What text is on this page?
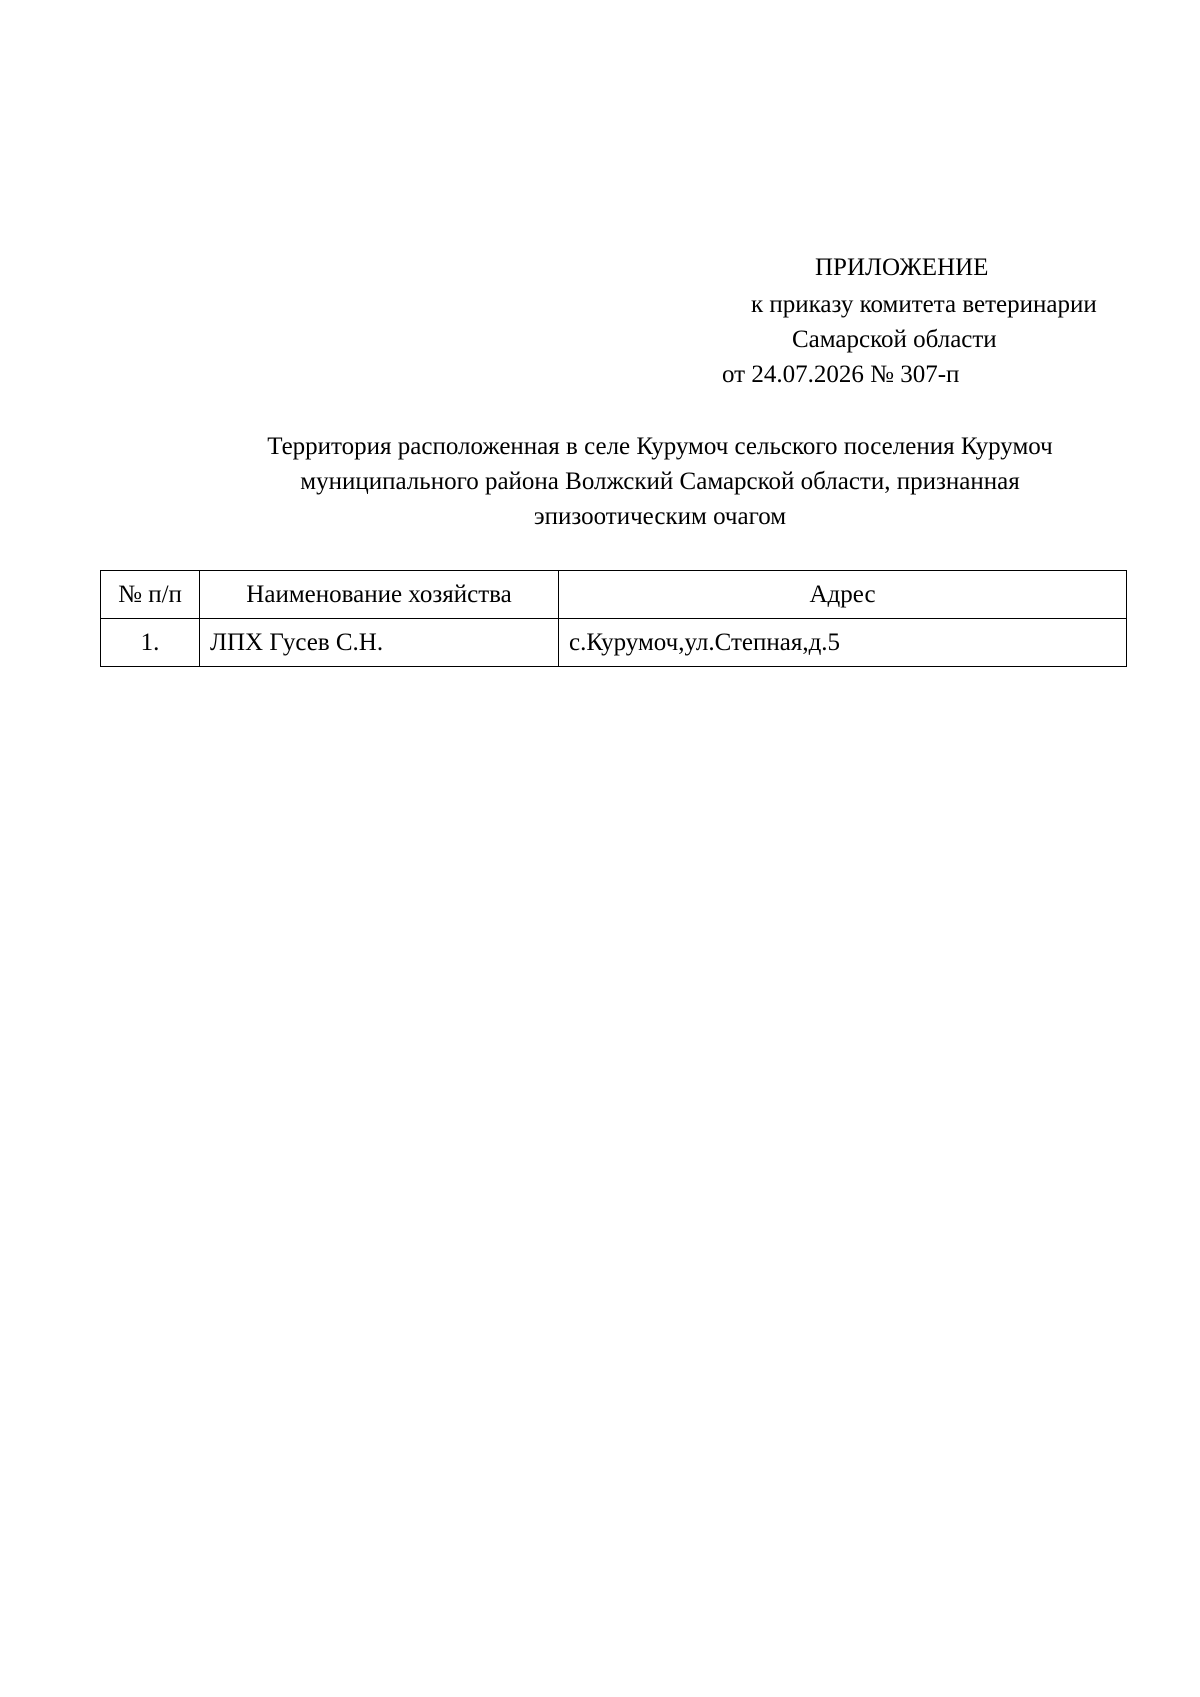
ПРИЛОЖЕНИЕ
к приказу комитета ветеринарии
Самарской области
от 24.07.2026 № 307-п
Территория расположенная в селе Курумоч сельского поселения Курумоч
муниципального района Волжский Самарской области, признанная
эпизоотическим очагом
№ п/п	Наименование хозяйства	Адрес
1.	ЛПХ Гусев С.Н.	с.Курумоч,ул.Степная,д.5
